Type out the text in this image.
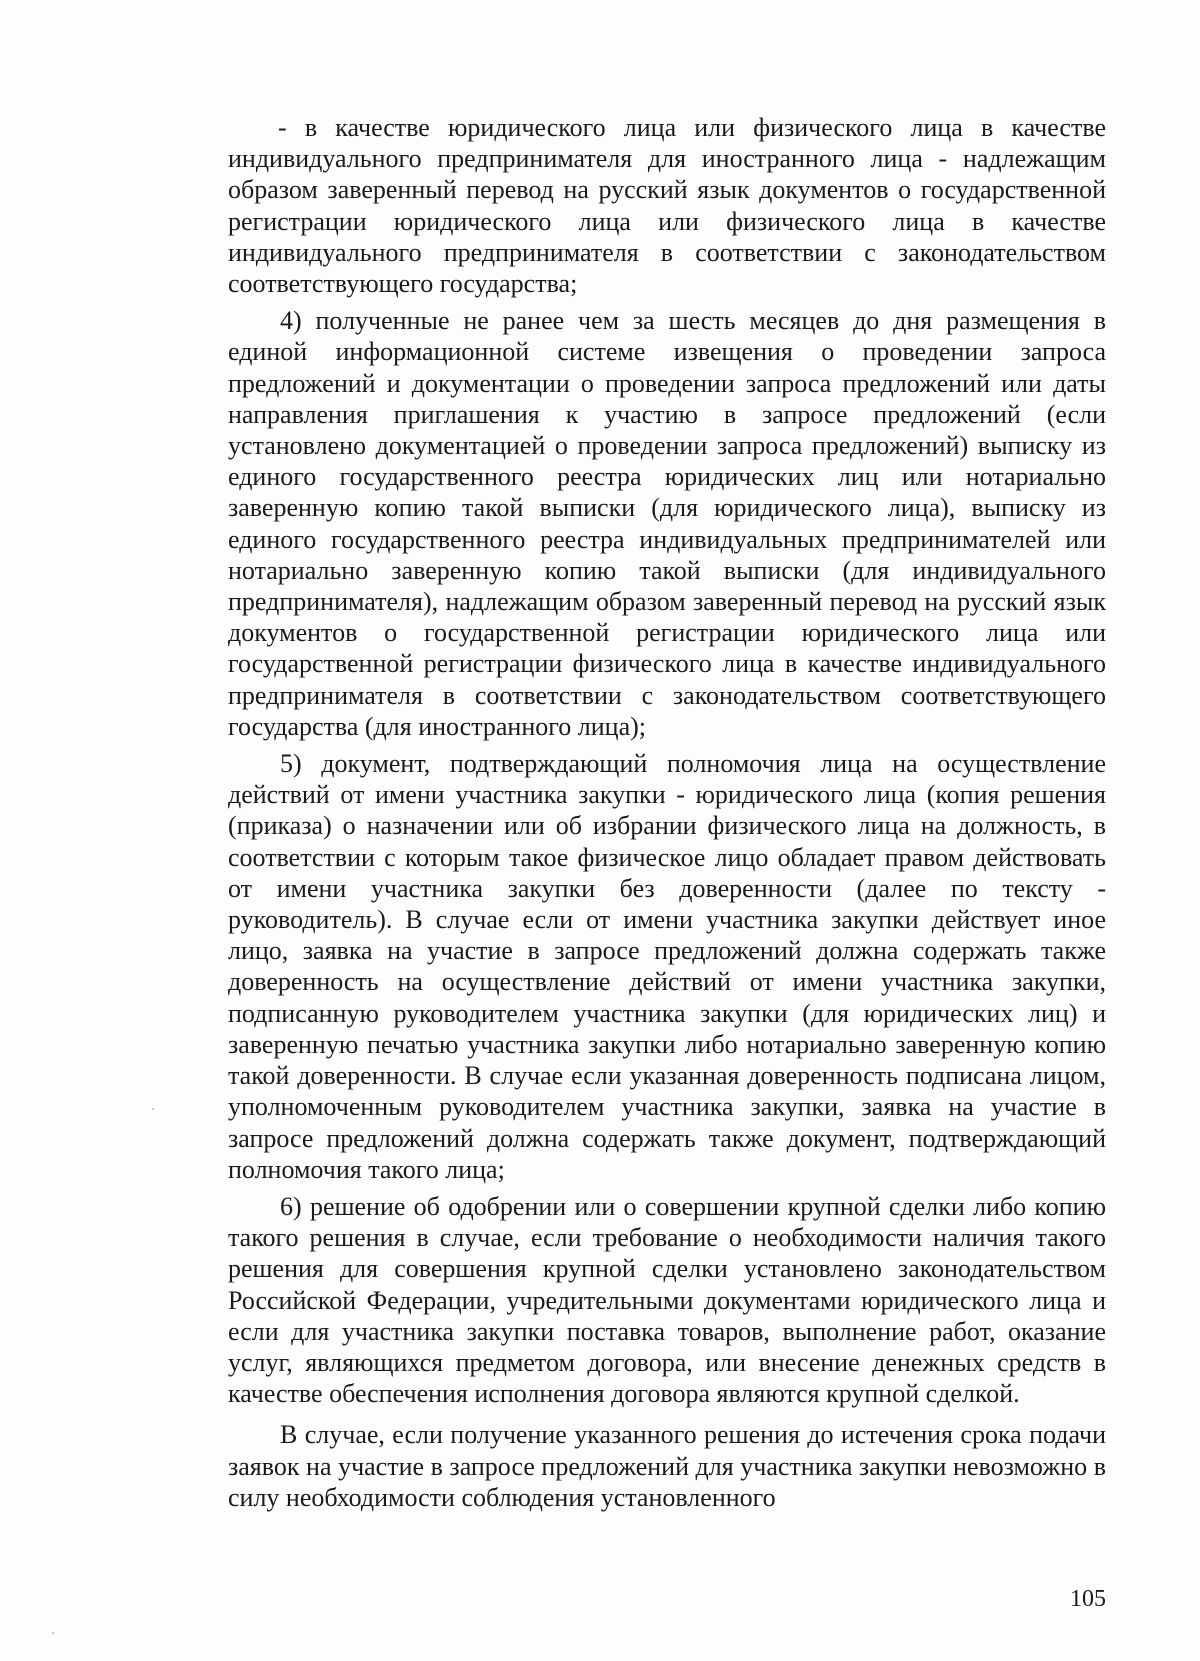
- в качестве юридического лица или физического лица в качестве индивидуального предпринимателя для иностранного лица - надлежащим образом заверенный перевод на русский язык документов о государственной регистрации юридического лица или физического лица в качестве индивидуального предпринимателя в соответствии с законодательством соответствующего государства;

4) полученные не ранее чем за шесть месяцев до дня размещения в единой информационной системе извещения о проведении запроса предложений и документации о проведении запроса предложений или даты направления приглашения к участию в запросе предложений (если установлено документацией о проведении запроса предложений) выписку из единого государственного реестра юридических лиц или нотариально заверенную копию такой выписки (для юридического лица), выписку из единого государственного реестра индивидуальных предпринимателей или нотариально заверенную копию такой выписки (для индивидуального предпринимателя), надлежащим образом заверенный перевод на русский язык документов о государственной регистрации юридического лица или государственной регистрации физического лица в качестве индивидуального предпринимателя в соответствии с законодательством соответствующего государства (для иностранного лица);

5) документ, подтверждающий полномочия лица на осуществление действий от имени участника закупки - юридического лица (копия решения (приказа) о назначении или об избрании физического лица на должность, в соответствии с которым такое физическое лицо обладает правом действовать от имени участника закупки без доверенности (далее по тексту - руководитель). В случае если от имени участника закупки действует иное лицо, заявка на участие в запросе предложений должна содержать также доверенность на осуществление действий от имени участника закупки, подписанную руководителем участника закупки (для юридических лиц) и заверенную печатью участника закупки либо нотариально заверенную копию такой доверенности. В случае если указанная доверенность подписана лицом, уполномоченным руководителем участника закупки, заявка на участие в запросе предложений должна содержать также документ, подтверждающий полномочия такого лица;

6) решение об одобрении или о совершении крупной сделки либо копию такого решения в случае, если требование о необходимости наличия такого решения для совершения крупной сделки установлено законодательством Российской Федерации, учредительными документами юридического лица и если для участника закупки поставка товаров, выполнение работ, оказание услуг, являющихся предметом договора, или внесение денежных средств в качестве обеспечения исполнения договора являются крупной сделкой.

В случае, если получение указанного решения до истечения срока подачи заявок на участие в запросе предложений для участника закупки невозможно в силу необходимости соблюдения установленного

105
